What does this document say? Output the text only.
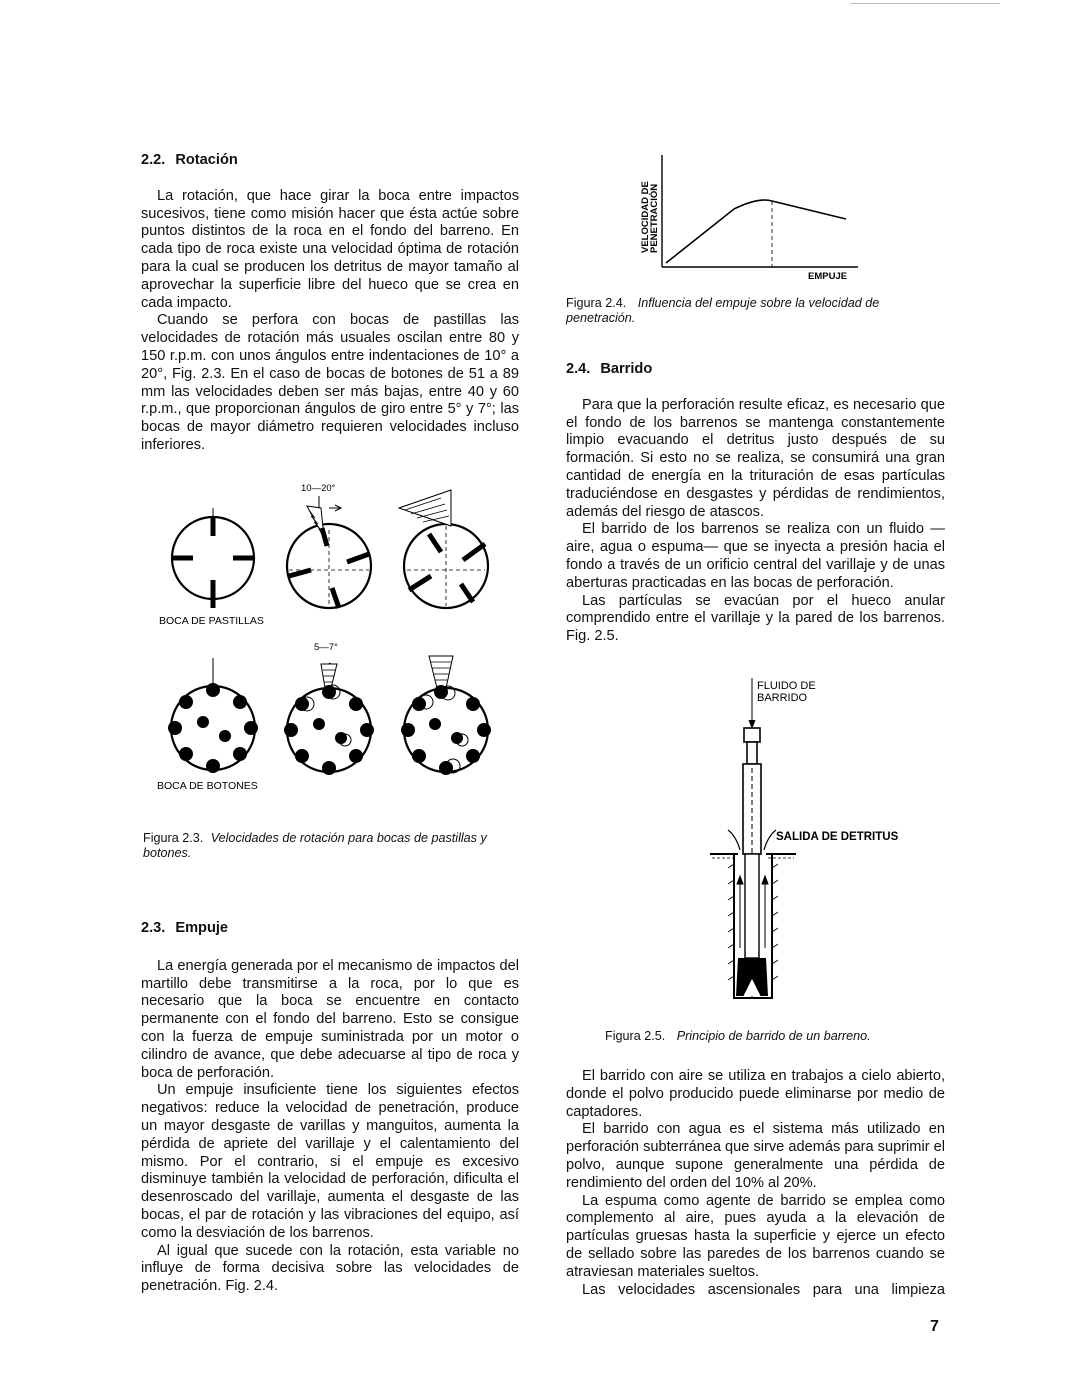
2.2. Rotación

La rotación, que hace girar la boca entre impactos sucesivos, tiene como misión hacer que ésta actúe sobre puntos distintos de la roca en el fondo del barreno. En cada tipo de roca existe una velocidad óptima de rotación para la cual se producen los detritus de mayor tamaño al aprovechar la superficie libre del hueco que se crea en cada impacto.

Cuando se perfora con bocas de pastillas las velocidades de rotación más usuales oscilan entre 80 y 150 r.p.m. con unos ángulos entre indentaciones de 10° a 20°, Fig. 2.3. En el caso de bocas de botones de 51 a 89 mm las velocidades deben ser más bajas, entre 40 y 60 r.p.m., que proporcionan ángulos de giro entre 5° y 7°; las bocas de mayor diámetro requieren velocidades incluso inferiores.

10—20°
BOCA DE PASTILLAS
5—7°
BOCA DE BOTONES
Figura 2.3. Velocidades de rotación para bocas de pastillas y botones.
2.3. Empuje

La energía generada por el mecanismo de impactos del martillo debe transmitirse a la roca, por lo que es necesario que la boca se encuentre en contacto permanente con el fondo del barreno. Esto se consigue con la fuerza de empuje suministrada por un motor o cilindro de avance, que debe adecuarse al tipo de roca y boca de perforación.

Un empuje insuficiente tiene los siguientes efectos negativos: reduce la velocidad de penetración, produce un mayor desgaste de varillas y manguitos, aumenta la pérdida de apriete del varillaje y el calentamiento del mismo. Por el contrario, si el empuje es excesivo disminuye también la velocidad de perforación, dificulta el desenroscado del varillaje, aumenta el desgaste de las bocas, el par de rotación y las vibraciones del equipo, así como la desviación de los barrenos.

Al igual que sucede con la rotación, esta variable no influye de forma decisiva sobre las velocidades de penetración. Fig. 2.4.

VELOCIDAD DE
PENETRACIÓN
EMPUJE
Figura 2.4. Influencia del empuje sobre la velocidad de penetración.
2.4. Barrido

Para que la perforación resulte eficaz, es necesario que el fondo de los barrenos se mantenga constantemente limpio evacuando el detritus justo después de su formación. Si esto no se realiza, se consumirá una gran cantidad de energía en la trituración de esas partículas traduciéndose en desgastes y pérdidas de rendimientos, además del riesgo de atascos.

El barrido de los barrenos se realiza con un fluido —aire, agua o espuma— que se inyecta a presión hacia el fondo a través de un orificio central del varillaje y de unas aberturas practicadas en las bocas de perforación.

Las partículas se evacúan por el hueco anular comprendido entre el varillaje y la pared de los barrenos. Fig. 2.5.

FLUIDO DE
BARRIDO
SALIDA DE DETRITUS
Figura 2.5. Principio de barrido de un barreno.

El barrido con aire se utiliza en trabajos a cielo abierto, donde el polvo producido puede eliminarse por medio de captadores.

El barrido con agua es el sistema más utilizado en perforación subterránea que sirve además para suprimir el polvo, aunque supone generalmente una pérdida de rendimiento del orden del 10% al 20%.

La espuma como agente de barrido se emplea como complemento al aire, pues ayuda a la elevación de partículas gruesas hasta la superficie y ejerce un efecto de sellado sobre las paredes de los barrenos cuando se atraviesan materiales sueltos.

Las velocidades ascensionales para una limpieza

7
